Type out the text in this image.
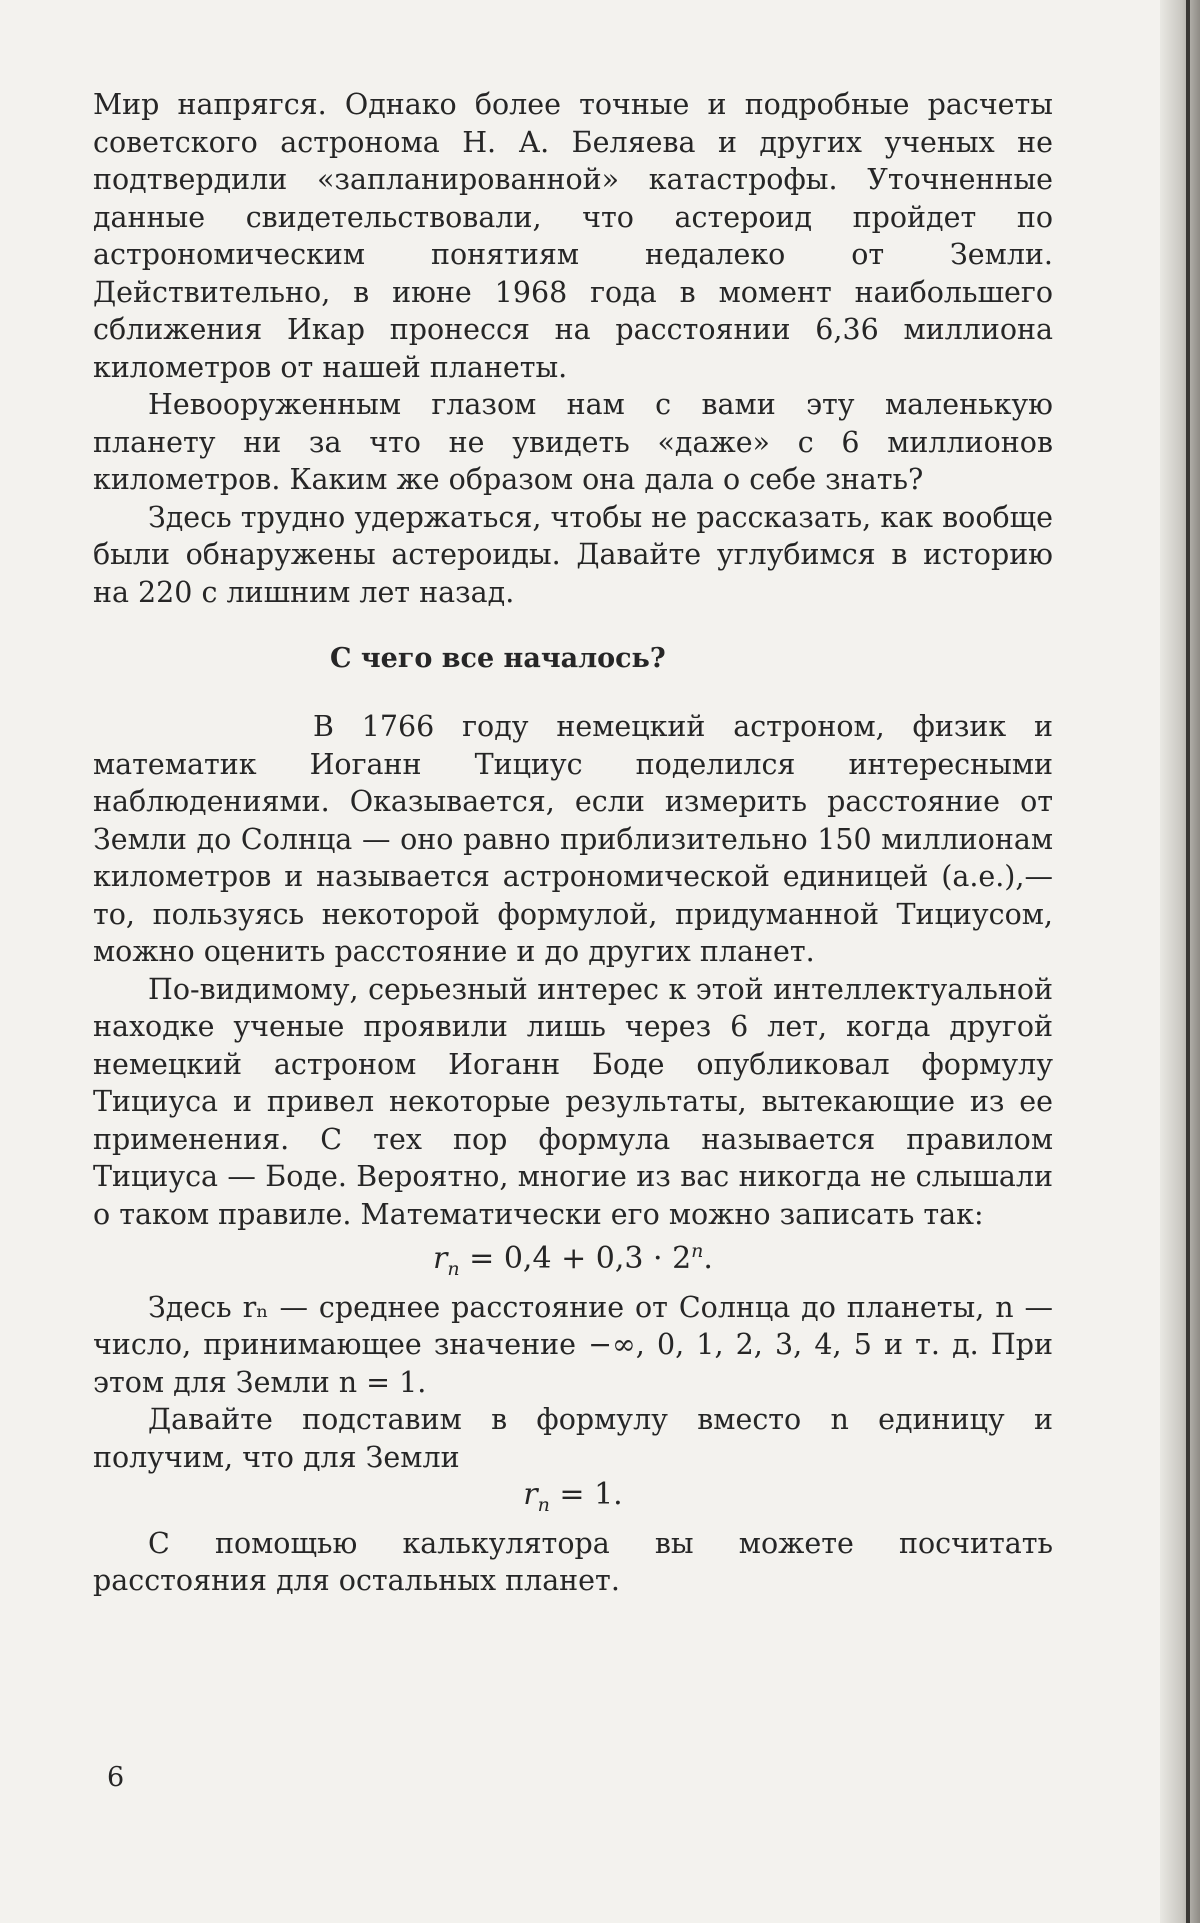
Мир напрягся. Однако более точные и подробные расчеты советского астронома Н. А. Беляева и других ученых не подтвердили «запланированной» катастрофы. Уточненные данные свидетельствовали, что астероид пройдет по астрономическим понятиям недалеко от Земли. Действительно, в июне 1968 года в момент наибольшего сближения Икар пронесся на расстоянии 6,36 миллиона километров от нашей планеты.

Невооруженным глазом нам с вами эту маленькую планету ни за что не увидеть «даже» с 6 миллионов километров. Каким же образом она дала о себе знать?

Здесь трудно удержаться, чтобы не рассказать, как вообще были обнаружены астероиды. Давайте углубимся в историю на 220 с лишним лет назад.

С чего все началось?

В 1766 году немецкий астроном, физик и математик Иоганн Тициус поделился интересными наблюдениями. Оказывается, если измерить расстояние от Земли до Солнца — оно равно приблизительно 150 миллионам километров и называется астрономической единицей (а.е.),— то, пользуясь некоторой формулой, придуманной Тициусом, можно оценить расстояние и до других планет.

По-видимому, серьезный интерес к этой интеллектуальной находке ученые проявили лишь через 6 лет, когда другой немецкий астроном Иоганн Боде опубликовал формулу Тициуса и привел некоторые результаты, вытекающие из ее применения. С тех пор формула называется правилом Тициуса — Боде. Вероятно, многие из вас никогда не слышали о таком правиле. Математически его можно записать так:

$r_n = 0,4 + 0,3 \cdot 2^n$.

Здесь rₙ — среднее расстояние от Солнца до планеты, n — число, принимающее значение −∞, 0, 1, 2, 3, 4, 5 и т. д. При этом для Земли n = 1.

Давайте подставим в формулу вместо n единицу и получим, что для Земли

$r_n = 1$.

С помощью калькулятора вы можете посчитать расстояния для остальных планет.

6
